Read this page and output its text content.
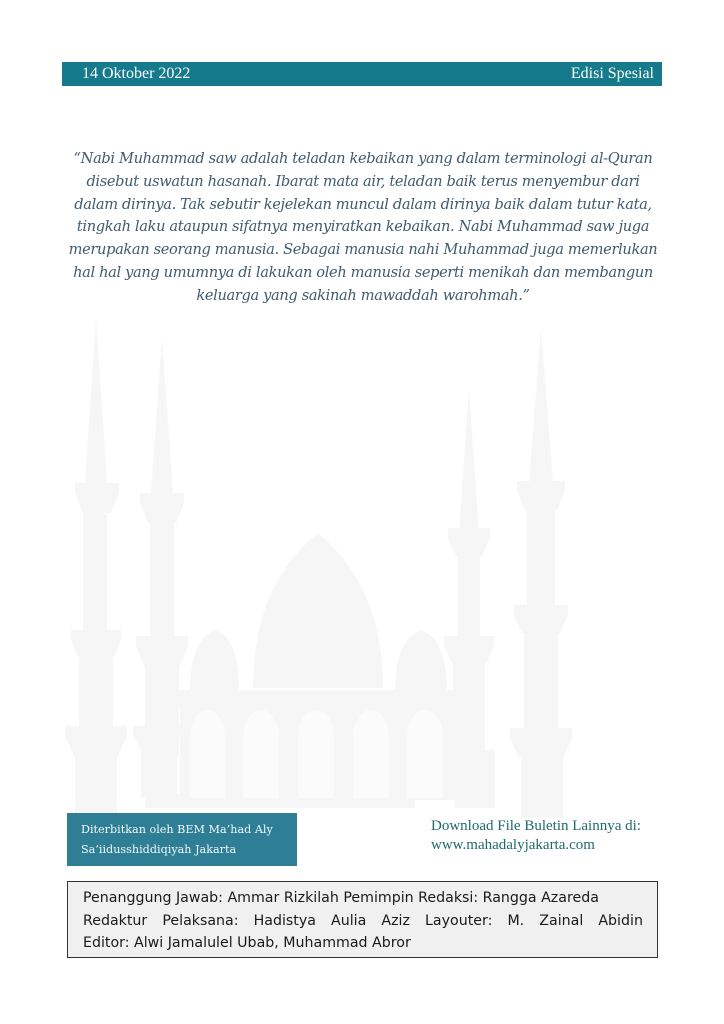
14 Oktober 2022	Edisi Spesial

“Nabi Muhammad saw adalah teladan kebaikan yang dalam terminologi al-Quran
disebut uswatun hasanah. Ibarat mata air, teladan baik terus menyembur dari
dalam dirinya. Tak sebutir kejelekan muncul dalam dirinya baik dalam tutur kata,
tingkah laku ataupun sifatnya menyiratkan kebaikan. Nabi Muhammad saw juga
merupakan seorang manusia. Sebagai manusia nahi Muhammad juga memerlukan
hal hal yang umumnya di lakukan oleh manusia seperti menikah dan membangun
keluarga yang sakinah mawaddah warohmah.”

Diterbitkan oleh BEM Ma’had Aly
Sa’iidusshiddiqiyah Jakarta
Download File Buletin Lainnya di:
www.mahadalyjakarta.com
Penanggung Jawab: Ammar Rizkilah Pemimpin Redaksi: Rangga Azareda
Redaktur Pelaksana: Hadistya Aulia Aziz Layouter: M. Zainal Abidin
Editor: Alwi Jamalulel Ubab, Muhammad Abror
